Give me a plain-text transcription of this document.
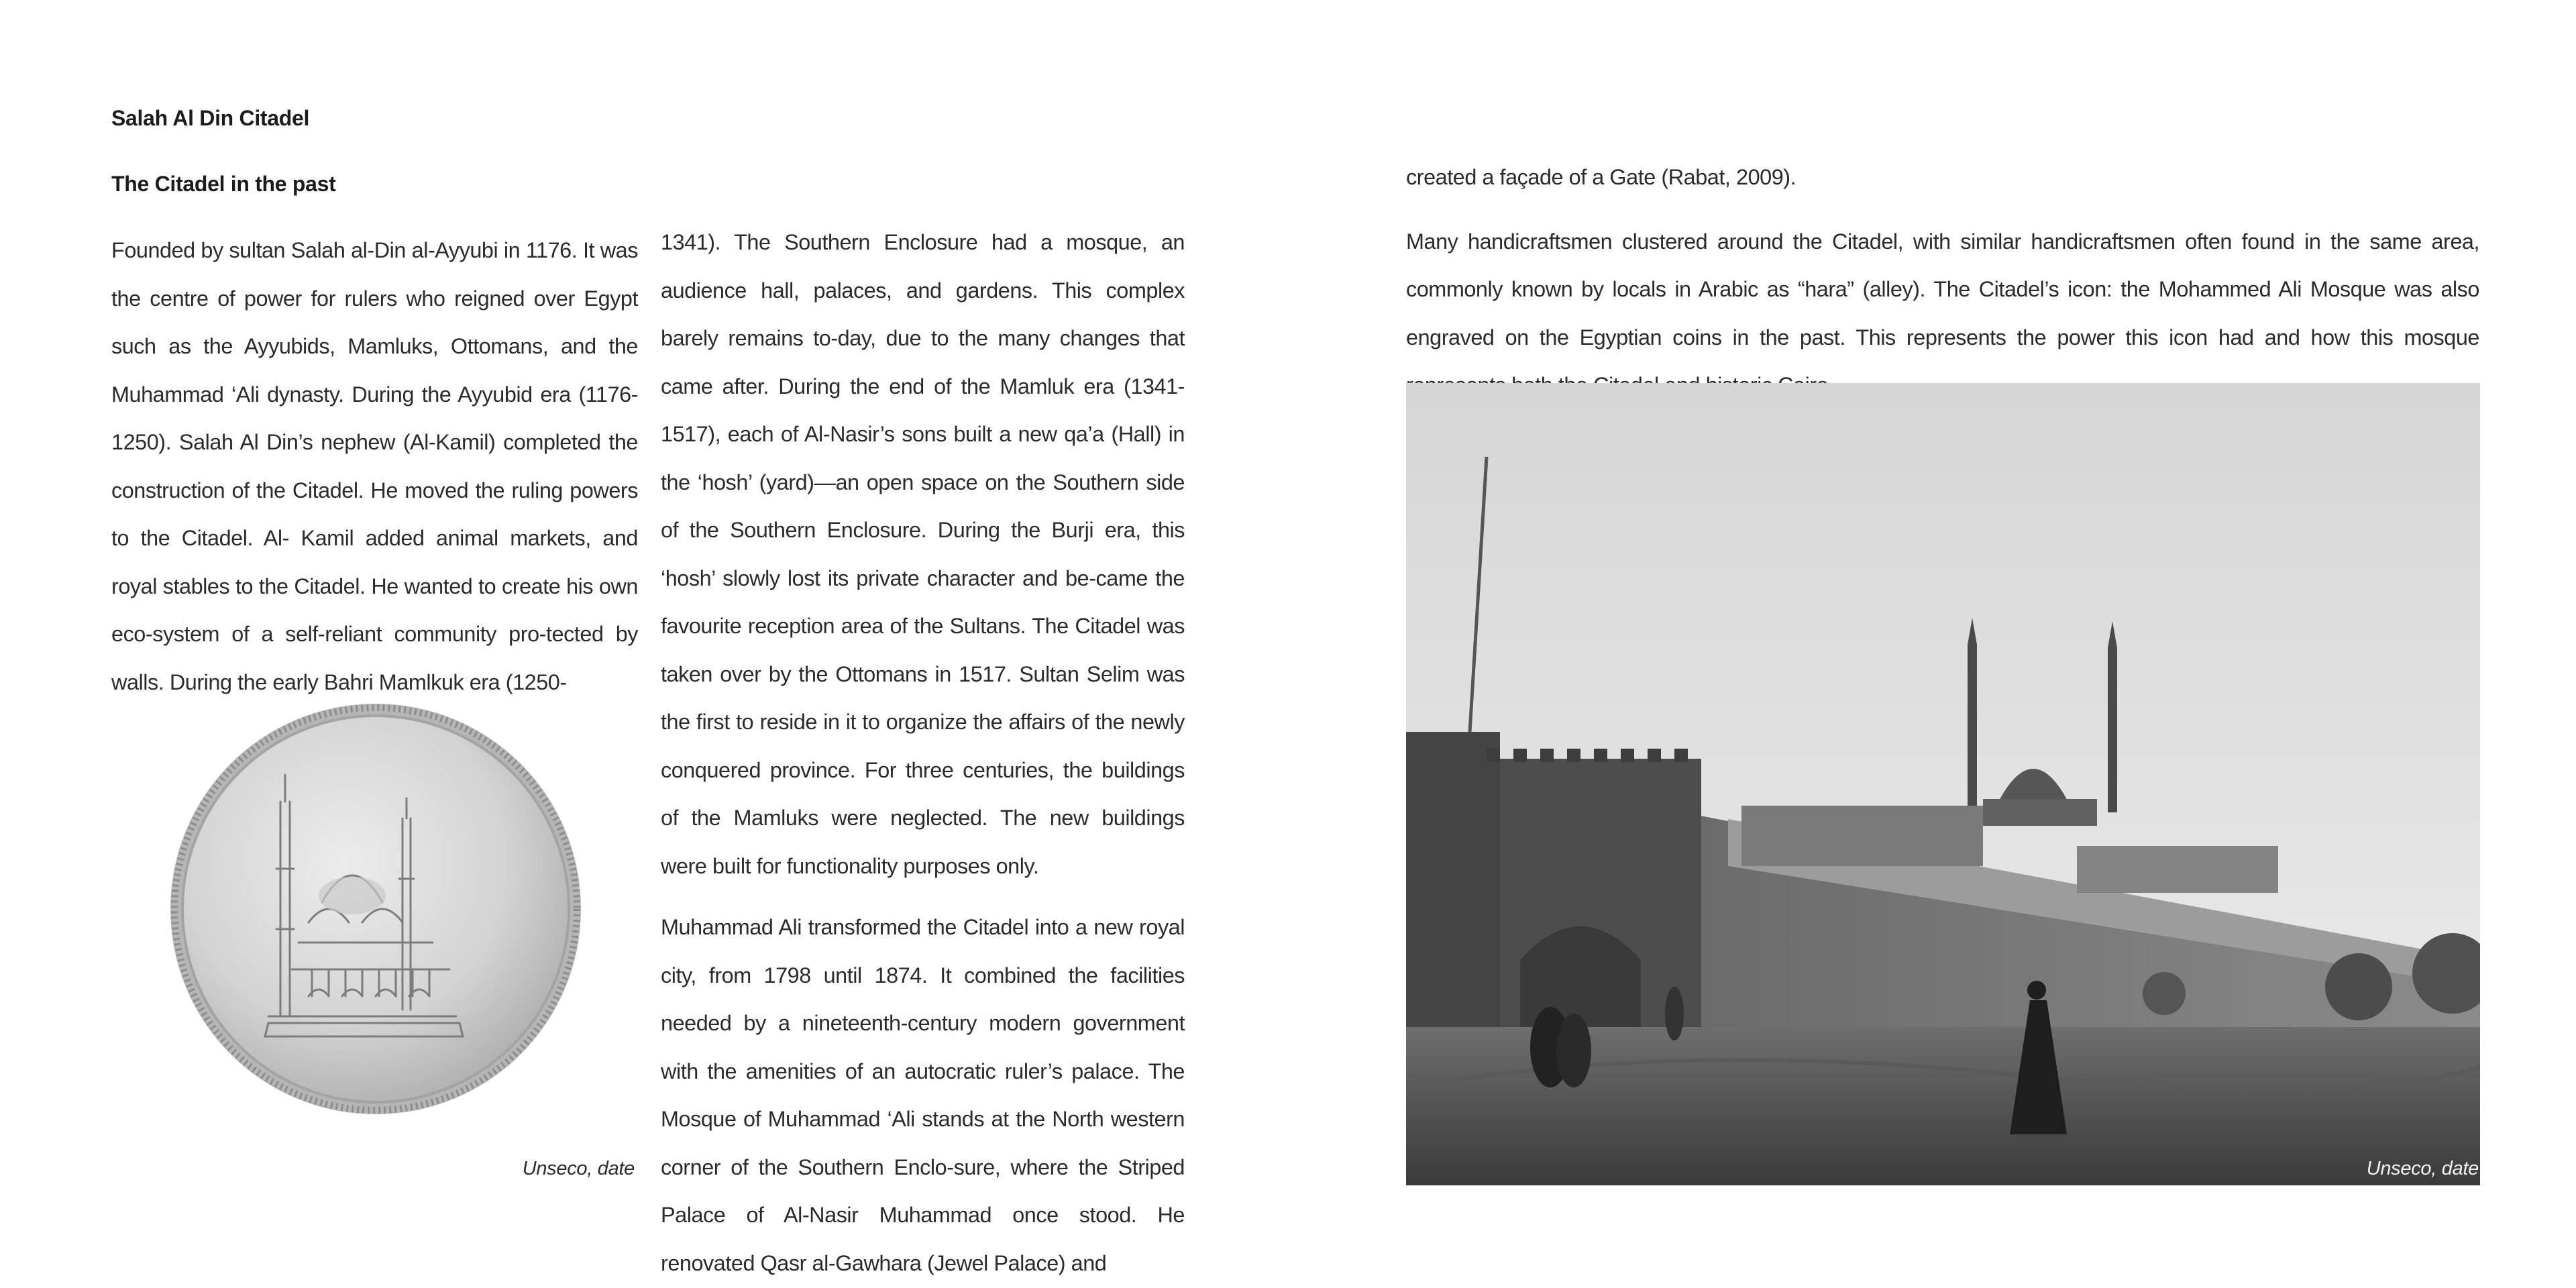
Salah Al Din Citadel
The Citadel in the past

Founded by sultan Salah al-Din al-Ayyubi in 1176. It was the centre of power for rulers who reigned over Egypt such as the Ayyubids, Mamluks, Ottomans, and the Muhammad ‘Ali dynasty. During the Ayyubid era (1176-1250). Salah Al Din’s nephew (Al-Kamil) completed the construction of the Citadel. He moved the ruling powers to the Citadel. Al- Kamil added animal markets, and royal stables to the Citadel. He wanted to create his own eco-system of a self-reliant community pro-tected by walls. During the early Bahri Mamlkuk era (1250-

1341). The Southern Enclosure had a mosque, an audience hall, palaces, and gardens. This complex barely remains to-day, due to the many changes that came after. During the end of the Mamluk era (1341-1517), each of Al-Nasir’s sons built a new qa’a (Hall) in the ‘hosh’ (yard)—an open space on the Southern side of the Southern Enclosure. During the Burji era, this ‘hosh’ slowly lost its private character and be-came the favourite reception area of the Sultans. The Citadel was taken over by the Ottomans in 1517. Sultan Selim was the first to reside in it to organize the affairs of the newly conquered province. For three centuries, the buildings of the Mamluks were neglected. The new buildings were built for functionality purposes only.

Muhammad Ali transformed the Citadel into a new royal city, from 1798 until 1874. It combined the facilities needed by a nineteenth-century modern government with the amenities of an autocratic ruler’s palace. The Mosque of Muhammad ‘Ali stands at the North western corner of the Southern Enclo-sure, where the Striped Palace of Al-Nasir Muhammad once stood. He renovated Qasr al-Gawhara (Jewel Palace) and

created a façade of a Gate (Rabat, 2009).

Many handicraftsmen clustered around the Citadel, with similar handicraftsmen often found in the same area, commonly known by locals in Arabic as “hara” (alley). The Citadel’s icon: the Mohammed Ali Mosque was also engraved on the Egyptian coins in the past. This represents the power this icon had and how this mosque

Unseco, date	Unseco, date
